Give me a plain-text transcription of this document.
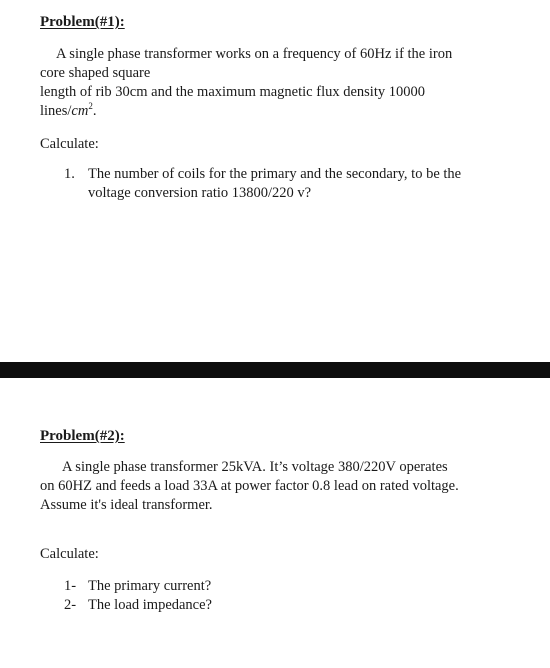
Problem(#1):
A single phase transformer works on a frequency of 60Hz if the iron
core shaped square
length of rib 30cm and the maximum magnetic flux density 10000
lines/$cm^2$.
Calculate:
1. The number of coils for the primary and the secondary, to be the
voltage conversion ratio 13800/220 v?
Problem(#2):
A single phase transformer 25kVA. It’s voltage 380/220V operates
on 60HZ and feeds a load 33A at power factor 0.8 lead on rated voltage.
Assume it's ideal transformer.
Calculate:
1- The primary current?
2- The load impedance?
